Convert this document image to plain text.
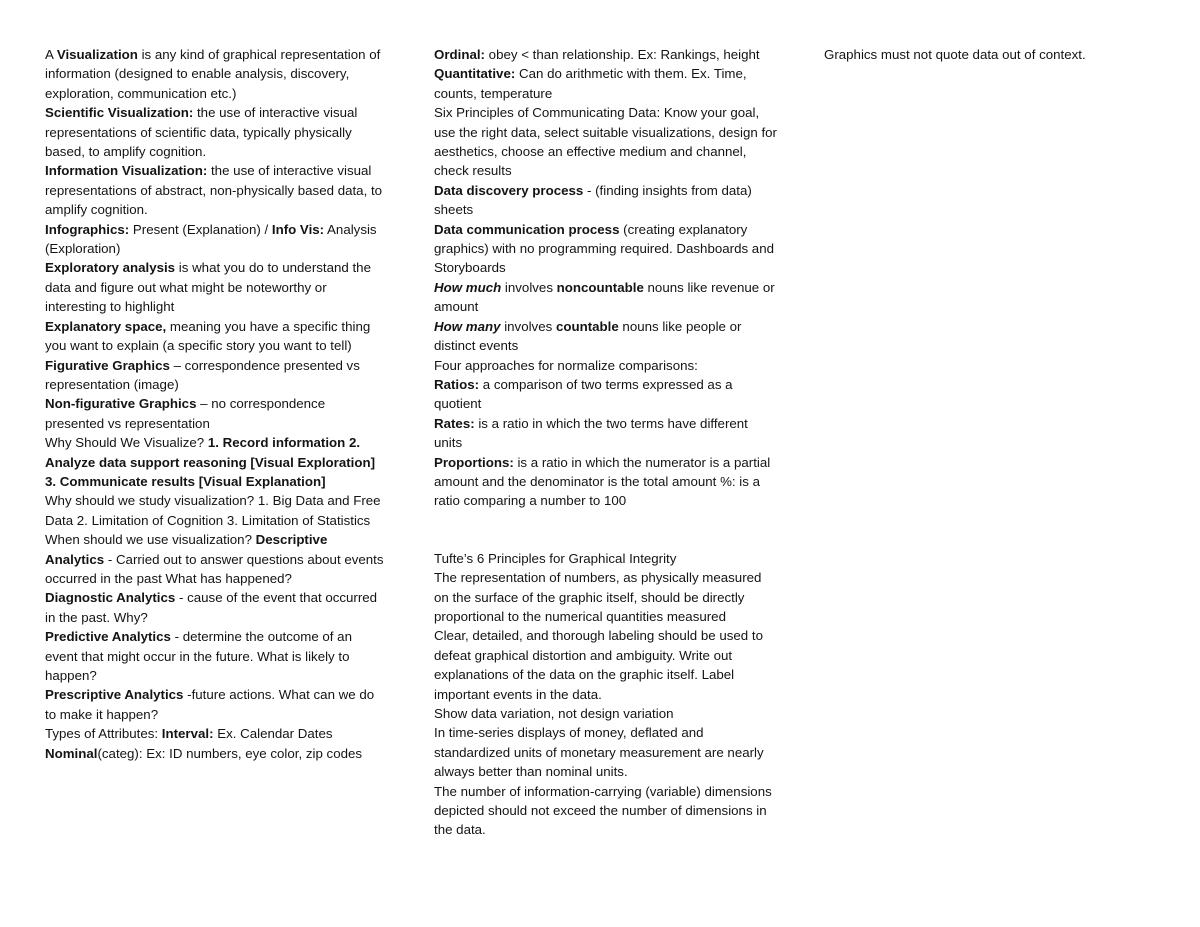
A Visualization is any kind of graphical representation of information (designed to enable analysis, discovery, exploration, communication etc.)
Scientific Visualization: the use of interactive visual representations of scientific data, typically physically based, to amplify cognition.
Information Visualization: the use of interactive visual representations of abstract, non-physically based data, to amplify cognition.
Infographics: Present (Explanation) / Info Vis: Analysis (Exploration)
Exploratory analysis is what you do to understand the data and figure out what might be noteworthy or interesting to highlight
Explanatory space, meaning you have a specific thing you want to explain (a specific story you want to tell)
Figurative Graphics – correspondence presented vs representation (image)
Non-figurative Graphics – no correspondence presented vs representation
Why Should We Visualize? 1. Record information 2. Analyze data support reasoning [Visual Exploration] 3. Communicate results [Visual Explanation]
Why should we study visualization? 1. Big Data and Free Data 2. Limitation of Cognition 3. Limitation of Statistics
When should we use visualization? Descriptive Analytics - Carried out to answer questions about events occurred in the past What has happened?
Diagnostic Analytics - cause of the event that occurred in the past. Why?
Predictive Analytics - determine the outcome of an event that might occur in the future. What is likely to happen?
Prescriptive Analytics -future actions. What can we do to make it happen?
Types of Attributes: Interval: Ex. Calendar Dates
Nominal(categ): Ex: ID numbers, eye color, zip codes
Ordinal: obey < than relationship. Ex: Rankings, height
Quantitative: Can do arithmetic with them. Ex. Time, counts, temperature
Six Principles of Communicating Data: Know your goal, use the right data, select suitable visualizations, design for aesthetics, choose an effective medium and channel, check results
Data discovery process - (finding insights from data) sheets
Data communication process (creating explanatory graphics) with no programming required. Dashboards and Storyboards
How much involves noncountable nouns like revenue or amount
How many involves countable nouns like people or distinct events
Four approaches for normalize comparisons:
Ratios: a comparison of two terms expressed as a quotient
Rates: is a ratio in which the two terms have different units
Proportions: is a ratio in which the numerator is a partial amount and the denominator is the total amount %: is a ratio comparing a number to 100
Tufte’s 6 Principles for Graphical Integrity
The representation of numbers, as physically measured on the surface of the graphic itself, should be directly proportional to the numerical quantities measured
Clear, detailed, and thorough labeling should be used to defeat graphical distortion and ambiguity. Write out explanations of the data on the graphic itself. Label important events in the data.
Show data variation, not design variation
In time-series displays of money, deflated and standardized units of monetary measurement are nearly always better than nominal units.
The number of information-carrying (variable) dimensions depicted should not exceed the number of dimensions in the data.
Graphics must not quote data out of context.
